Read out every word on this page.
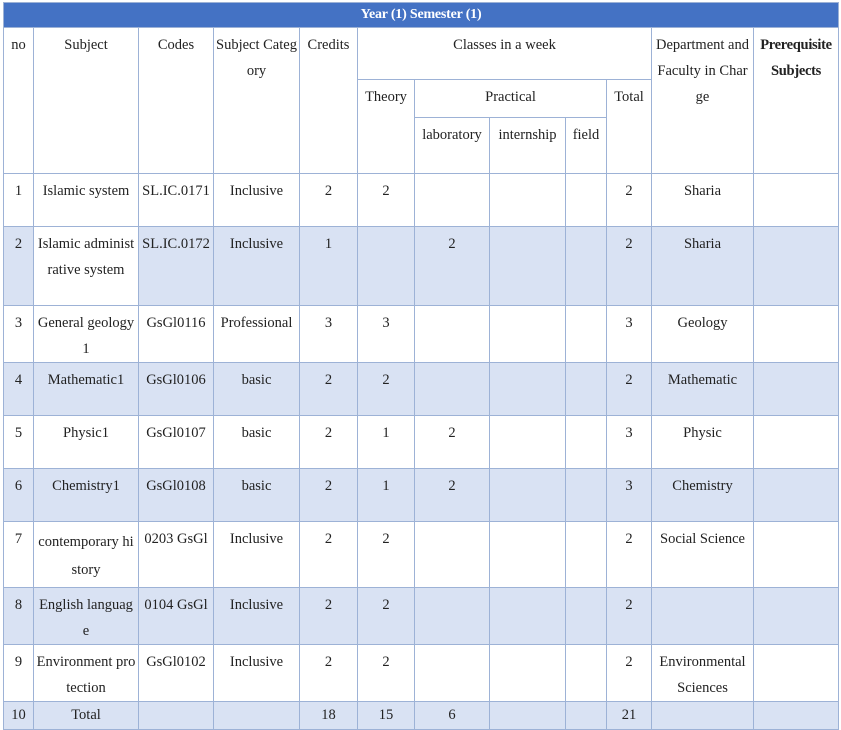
Year (1) Semester (1)											
no	Subject	Codes	Subject Category	Credits	Classes in a week					Department and Faculty in Charge	Prerequisite Subjects
					Theory	Practical			Total		
						laboratory	internship	field			
1	Islamic system	SL.IC.0171	Inclusive	2	2				2	Sharia	
2	Islamic administrative system	SL.IC.0172	Inclusive	1		2			2	Sharia	
3	General geology1	GsGl0116	Professional	3	3				3	Geology	
4	Mathematic1	GsGl0106	basic	2	2				2	Mathematic	
5	Physic1	GsGl0107	basic	2	1	2			3	Physic	
6	Chemistry1	GsGl0108	basic	2	1	2			3	Chemistry	
7	contemporary history	0203 GsGl	Inclusive	2	2				2	Social Science	
8	English language	0104 GsGl	Inclusive	2	2				2		
9	Environment protection	GsGl0102	Inclusive	2	2				2	Environmental Sciences	
10	Total			18	15	6			21		
